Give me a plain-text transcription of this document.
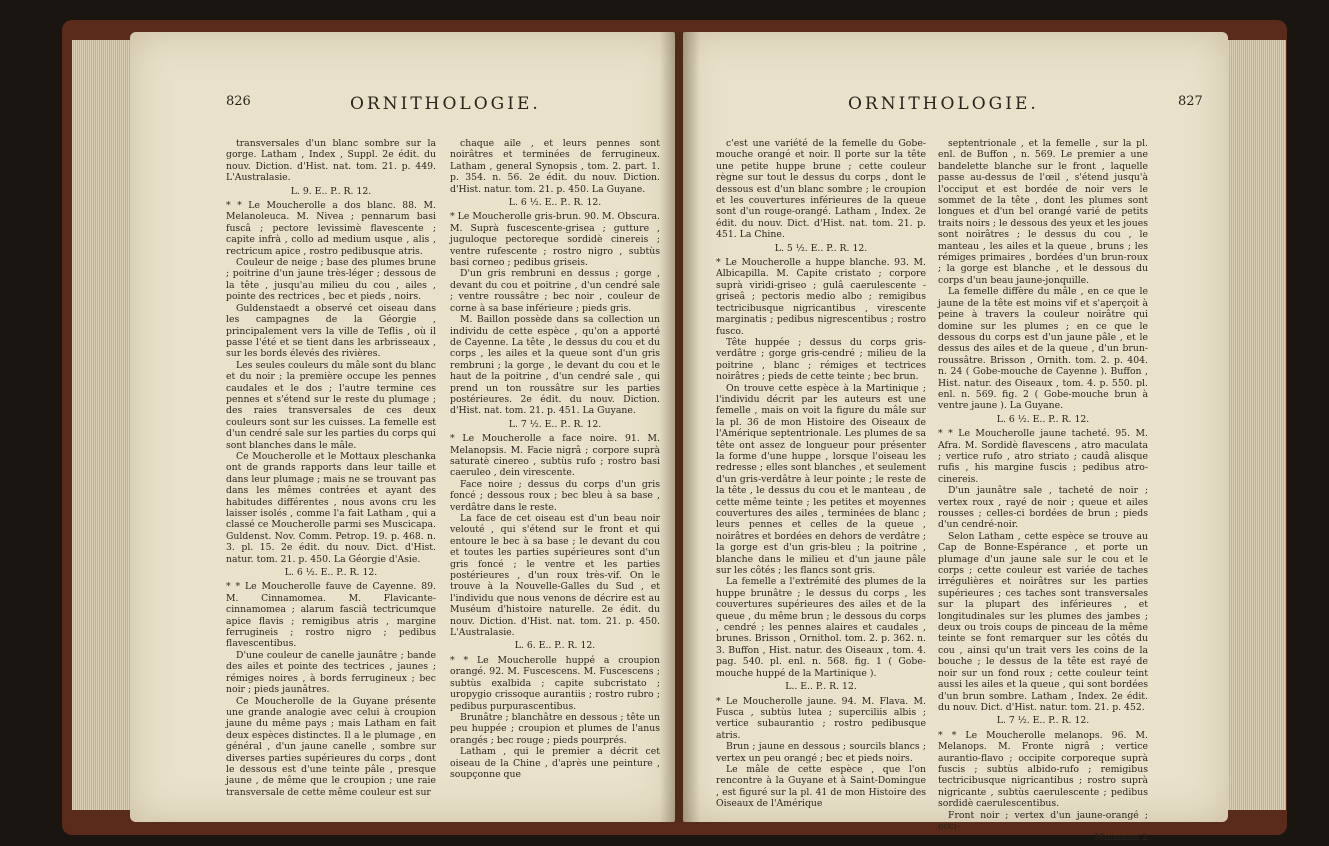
826	ORNITHOLOGIE.

transversales d'un blanc sombre sur la gorge. Latham , Index , Suppl. 2e édit. du nouv. Diction. d'Hist. nat. tom. 21. p. 449. L'Australasie.

L. 9. E.. P.. R. 12.

* * Le Moucherolle a dos blanc. 88. M. Melanoleuca. M. Nivea ; pennarum basi fuscâ ; pectore levissimè flavescente ; capite infrà , collo ad medium usque , alis , rectricum apice , rostro pedibusque atris.

Couleur de neige ; base des plumes brune ; poitrine d'un jaune très-léger ; dessous de la tête , jusqu'au milieu du cou , ailes , pointe des rectrices , bec et pieds , noirs.

Guldenstaedt a observé cet oiseau dans les campagnes de la Géorgie , principalement vers la ville de Teflis , où il passe l'été et se tient dans les arbrisseaux , sur les bords élevés des rivières.

Les seules couleurs du mâle sont du blanc et du noir ; la première occupe les pennes caudales et le dos ; l'autre termine ces pennes et s'étend sur le reste du plumage ; des raies transversales de ces deux couleurs sont sur les cuisses. La femelle est d'un cendré sale sur les parties du corps qui sont blanches dans le mâle.

Ce Moucherolle et le Mottaux pleschanka ont de grands rapports dans leur taille et dans leur plumage ; mais ne se trouvant pas dans les mêmes contrées et ayant des habitudes différentes , nous avons cru les laisser isolés , comme l'a fait Latham , qui a classé ce Moucherolle parmi ses Muscicapa. Guldenst. Nov. Comm. Petrop. 19. p. 468. n. 3. pl. 15. 2e édit. du nouv. Dict. d'Hist. natur. tom. 21. p. 450. La Géorgie d'Asie.

L. 6 ½. E.. P.. R. 12.

* * Le Moucherolle fauve de Cayenne. 89. M. Cinnamomea. M. Flavicante-cinnamomea ; alarum fasciâ tectricumque apice flavis ; remigibus atris , margine ferrugineis ; rostro nigro ; pedibus flavescentibus.

D'une couleur de canelle jaunâtre ; bande des ailes et pointe des tectrices , jaunes ; rémiges noires , à bords ferrugineux ; bec noir ; pieds jaunâtres.

Ce Moucherolle de la Guyane présente une grande analogie avec celui à croupion jaune du même pays ; mais Latham en fait deux espèces distinctes. Il a le plumage , en général , d'un jaune canelle , sombre sur diverses parties supérieures du corps , dont le dessous est d'une teinte pâle , presque jaune , de même que le croupion ; une raie transversale de cette même couleur est sur

chaque aile , et leurs pennes sont noirâtres et terminées de ferrugineux. Latham , general Synopsis , tom. 2. part. 1. p. 354. n. 56. 2e édit. du nouv. Diction. d'Hist. natur. tom. 21. p. 450. La Guyane.

L. 6 ½. E.. P.. R. 12.

* Le Moucherolle gris-brun. 90. M. Obscura. M. Suprà fuscescente-grisea ; gutture , juguloque pectoreque sordidè cinereis ; ventre rufescente ; rostro nigro , subtùs basi corneo ; pedibus griseis.

D'un gris rembruni en dessus ; gorge , devant du cou et poitrine , d'un cendré sale ; ventre roussâtre ; bec noir , couleur de corne à sa base inférieure ; pieds gris.

M. Baillon possède dans sa collection un individu de cette espèce , qu'on a apporté de Cayenne. La tête , le dessus du cou et du corps , les ailes et la queue sont d'un gris rembruni ; la gorge , le devant du cou et le haut de la poitrine , d'un cendré sale , qui prend un ton roussâtre sur les parties postérieures. 2e édit. du nouv. Diction. d'Hist. nat. tom. 21. p. 451. La Guyane.

L. 7 ½. E.. P.. R. 12.

* Le Moucherolle a face noire. 91. M. Melanopsis. M. Facie nigrâ ; corpore suprà saturatè cinereo , subtùs rufo ; rostro basi caeruleo , dein virescente.

Face noire ; dessus du corps d'un gris foncé ; dessous roux ; bec bleu à sa base , verdâtre dans le reste.

La face de cet oiseau est d'un beau noir velouté , qui s'étend sur le front et qui entoure le bec à sa base ; le devant du cou et toutes les parties supérieures sont d'un gris foncé ; le ventre et les parties postérieures , d'un roux très-vif. On le trouve à la Nouvelle-Galles du Sud , et l'individu que nous venons de décrire est au Muséum d'histoire naturelle. 2e édit. du nouv. Diction. d'Hist. nat. tom. 21. p. 450. L'Australasie.

L. 6. E.. P.. R. 12.

* * Le Moucherolle huppé a croupion orangé. 92. M. Fuscescens. M. Fuscescens ; subtùs exalbida ; capite subcristato ; uropygio crissoque aurantiis ; rostro rubro ; pedibus purpurascentibus.

Brunâtre ; blanchâtre en dessous ; tête un peu huppée ; croupion et plumes de l'anus orangés ; bec rouge ; pieds pourprés.

Latham , qui le premier a décrit cet oiseau de la Chine , d'après une peinture , soupçonne que

ORNITHOLOGIE.	827

c'est une variété de la femelle du Gobe-mouche orangé et noir. Il porte sur la tête une petite huppe brune ; cette couleur règne sur tout le dessus du corps , dont le dessous est d'un blanc sombre ; le croupion et les couvertures inférieures de la queue sont d'un rouge-orangé. Latham , Index. 2e édit. du nouv. Dict. d'Hist. nat. tom. 21. p. 451. La Chine.

L. 5 ½. E.. P.. R. 12.

* Le Moucherolle a huppe blanche. 93. M. Albicapilla. M. Capite cristato ; corpore suprà viridi-griseo ; gulâ caerulescente - griseâ ; pectoris medio albo ; remigibus tectricibusque nigricantibus , virescente marginatis ; pedibus nigrescentibus ; rostro fusco.

Tête huppée ; dessus du corps gris-verdâtre ; gorge gris-cendré ; milieu de la poitrine , blanc ; rémiges et tectrices noirâtres ; pieds de cette teinte ; bec brun.

On trouve cette espèce à la Martinique ; l'individu décrit par les auteurs est une femelle , mais on voit la figure du mâle sur la pl. 36 de mon Histoire des Oiseaux de l'Amérique septentrionale. Les plumes de sa tête ont assez de longueur pour présenter la forme d'une huppe , lorsque l'oiseau les redresse ; elles sont blanches , et seulement d'un gris-verdâtre à leur pointe ; le reste de la tête , le dessus du cou et le manteau , de cette même teinte ; les petites et moyennes couvertures des ailes , terminées de blanc ; leurs pennes et celles de la queue , noirâtres et bordées en dehors de verdâtre ; la gorge est d'un gris-bleu ; la poitrine , blanche dans le milieu et d'un jaune pâle sur les côtés ; les flancs sont gris.

La femelle a l'extrémité des plumes de la huppe brunâtre ; le dessus du corps , les couvertures supérieures des ailes et de la queue , du même brun ; le dessous du corps , cendré ; les pennes alaires et caudales , brunes. Brisson , Ornithol. tom. 2. p. 362. n. 3. Buffon , Hist. natur. des Oiseaux , tom. 4. pag. 540. pl. enl. n. 568. fig. 1 ( Gobe-mouche huppé de la Martinique ).

L.. E.. P.. R. 12.

* Le Moucherolle jaune. 94. M. Flava. M. Fusca , subtùs lutea ; superciliis albis ; vertice subaurantio ; rostro pedibusque atris.

Brun ; jaune en dessous ; sourcils blancs ; vertex un peu orangé ; bec et pieds noirs.

Le mâle de cette espèce , que l'on rencontre à la Guyane et à Saint-Domingue , est figuré sur la pl. 41 de mon Histoire des Oiseaux de l'Amérique

septentrionale , et la femelle , sur la pl. enl. de Buffon , n. 569. Le premier a une bandelette blanche sur le front , laquelle passe au-dessus de l'œil , s'étend jusqu'à l'occiput et est bordée de noir vers le sommet de la tête , dont les plumes sont longues et d'un bel orangé varié de petits traits noirs ; le dessous des yeux et les joues sont noirâtres ; le dessus du cou , le manteau , les ailes et la queue , bruns ; les rémiges primaires , bordées d'un brun-roux ; la gorge est blanche , et le dessous du corps d'un beau jaune-jonquille.

La femelle diffère du mâle , en ce que le jaune de la tête est moins vif et s'aperçoit à peine à travers la couleur noirâtre qui domine sur les plumes ; en ce que le dessous du corps est d'un jaune pâle , et le dessus des ailes et de la queue , d'un brun-roussâtre. Brisson , Ornith. tom. 2. p. 404. n. 24 ( Gobe-mouche de Cayenne ). Buffon , Hist. natur. des Oiseaux , tom. 4. p. 550. pl. enl. n. 569. fig. 2 ( Gobe-mouche brun à ventre jaune ). La Guyane.

L. 6 ½. E.. P.. R. 12.

* * Le Moucherolle jaune tacheté. 95. M. Afra. M. Sordidè flavescens , atro maculata ; vertice rufo , atro striato ; caudâ alisque rufis , his margine fuscis ; pedibus atro-cinereis.

D'un jaunâtre sale , tacheté de noir ; vertex roux , rayé de noir ; queue et ailes rousses ; celles-ci bordées de brun ; pieds d'un cendré-noir.

Selon Latham , cette espèce se trouve au Cap de Bonne-Espérance , et porte un plumage d'un jaune sale sur le cou et le corps ; cette couleur est variée de taches irrégulières et noirâtres sur les parties supérieures ; ces taches sont transversales sur la plupart des inférieures , et longitudinales sur les plumes des jambes ; deux ou trois coups de pinceau de la même teinte se font remarquer sur les côtés du cou , ainsi qu'un trait vers les coins de la bouche ; le dessus de la tête est rayé de noir sur un fond roux ; cette couleur teint aussi les ailes et la queue , qui sont bordées d'un brun sombre. Latham , Index. 2e édit. du nouv. Dict. d'Hist. natur. tom. 21. p. 452.

L. 7 ½. E.. P.. R. 12.

* * Le Moucherolle melanops. 96. M. Melanops. M. Fronte nigrâ ; vertice aurantio-flavo ; occipite corporeque suprà fuscis ; subtùs albido-rufo ; remigibus tectricibusque nigricantibus ; rostro suprà nigricante , subtùs caerulescente ; pedibus sordidè caerulescentibus.

Front noir ; vertex d'un jaune-orangé ; occi-

Mmmmm 2
